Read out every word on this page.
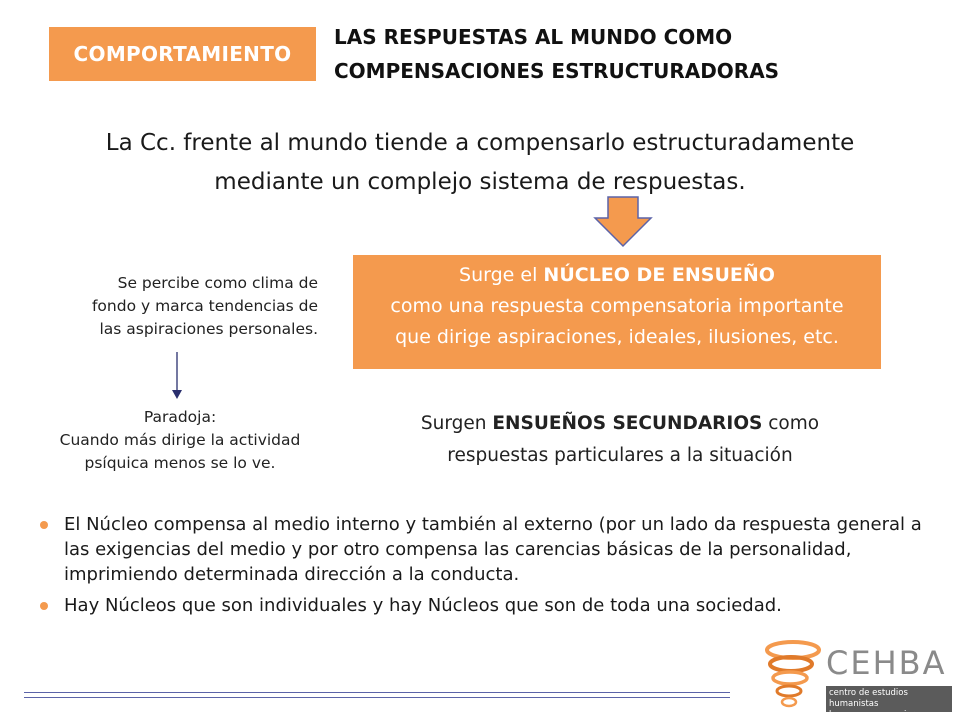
COMPORTAMIENTO
LAS RESPUESTAS AL MUNDO COMO
COMPENSACIONES ESTRUCTURADORAS
La Cc. frente al mundo tiende a compensarlo estructuradamente
mediante un complejo sistema de respuestas.
Se percibe como clima de
fondo y marca tendencias de
las aspiraciones personales.
Paradoja:
Cuando más dirige la actividad
psíquica menos se lo ve.
Surge el NÚCLEO DE ENSUEÑO
como una respuesta compensatoria importante
que dirige aspiraciones, ideales, ilusiones, etc.
Surgen ENSUEÑOS SECUNDARIOS como
respuestas particulares a la situación
El Núcleo compensa al medio interno y también al externo (por un lado da respuesta general a las exigencias del medio y por otro compensa las carencias básicas de la personalidad, imprimiendo determinada dirección a la conducta.
Hay Núcleos que son individuales y hay Núcleos que son de toda una sociedad.
CEHBA
centro de estudios humanistas
buenos aires
